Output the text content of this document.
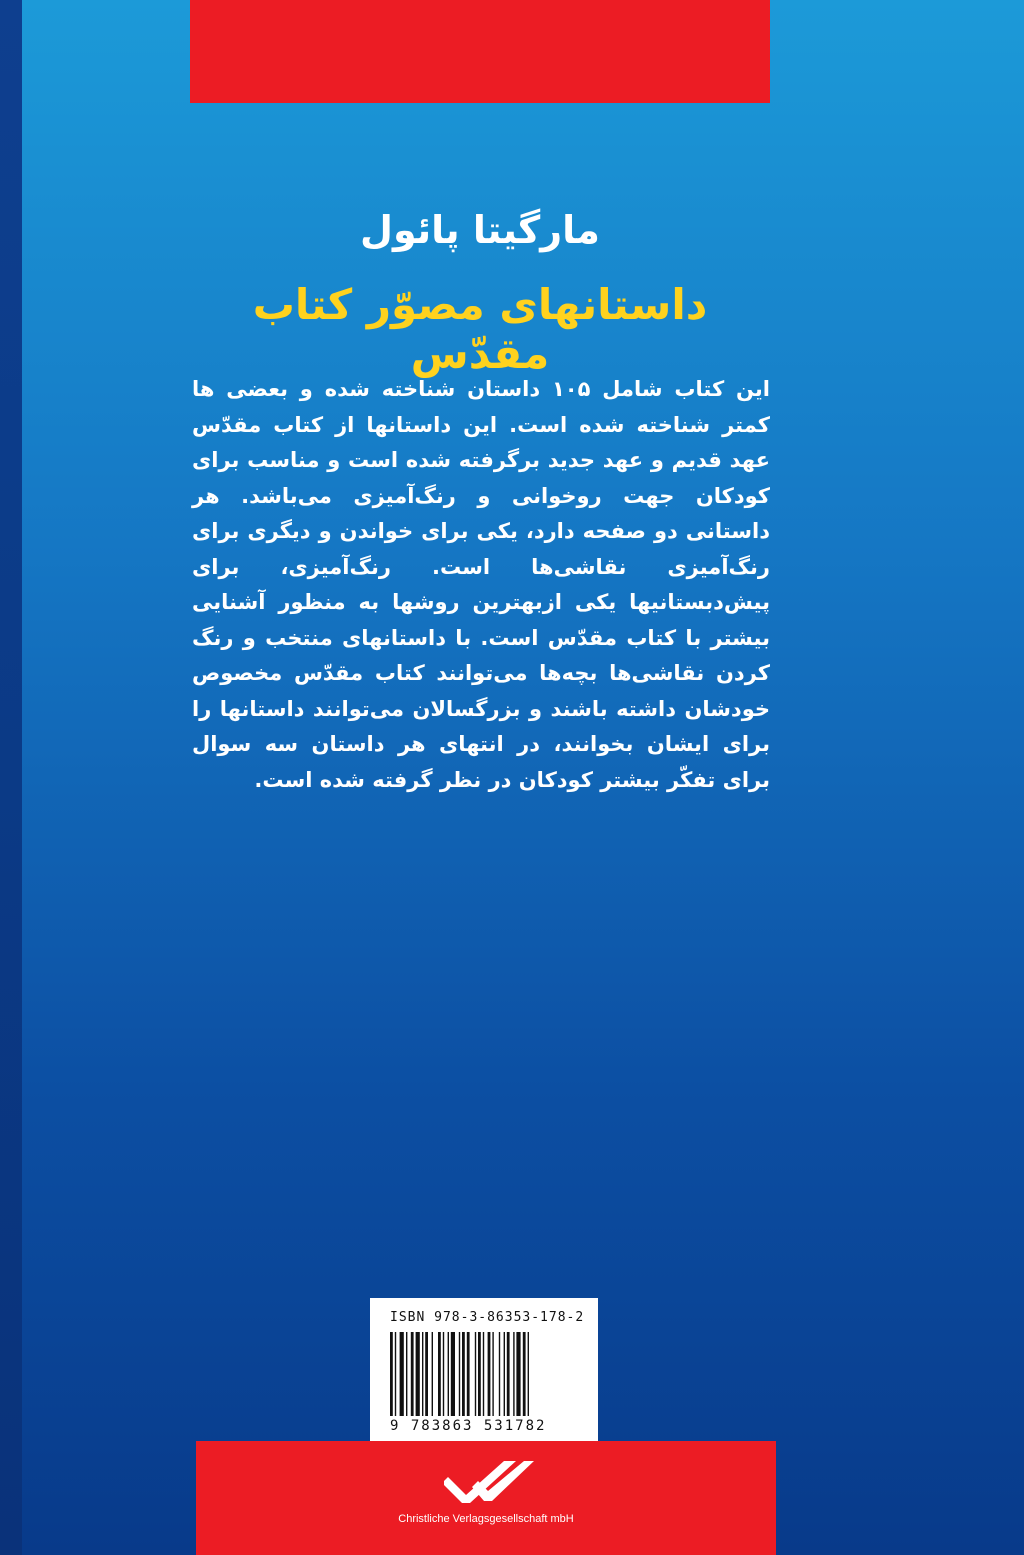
مارگیتا پائول
داستانهای مصوّر کتاب مقدّس
این کتاب شامل ۱۰۵ داستان شناخته شده و بعضی ها کمتر شناخته شده است. این داستانها از کتاب مقدّس عهد قدیم و عهد جدید برگرفته شده است و مناسب برای کودکان جهت روخوانی و رنگ‌آمیزی می‌باشد. هر داستانی دو صفحه دارد، یکی برای خواندن و دیگری برای رنگ‌آمیزی نقاشی‌ها است. رنگ‌آمیزی، برای پیش‌دبستانیها یکی ازبهترین روشها به منظور آشنایی بیشتر با کتاب مقدّس است. با داستانهای منتخب و رنگ کردن نقاشی‌ها بچه‌ها می‌توانند کتاب مقدّس مخصوص خودشان داشته باشند و بزرگسالان می‌توانند داستانها را برای ایشان بخوانند، در انتهای هر داستان سه سوال برای تفکّر بیشتر کودکان در نظر گرفته شده است.
ISBN 978-3-86353-178-2
9 783863 531782
Christliche Verlagsgesellschaft mbH
